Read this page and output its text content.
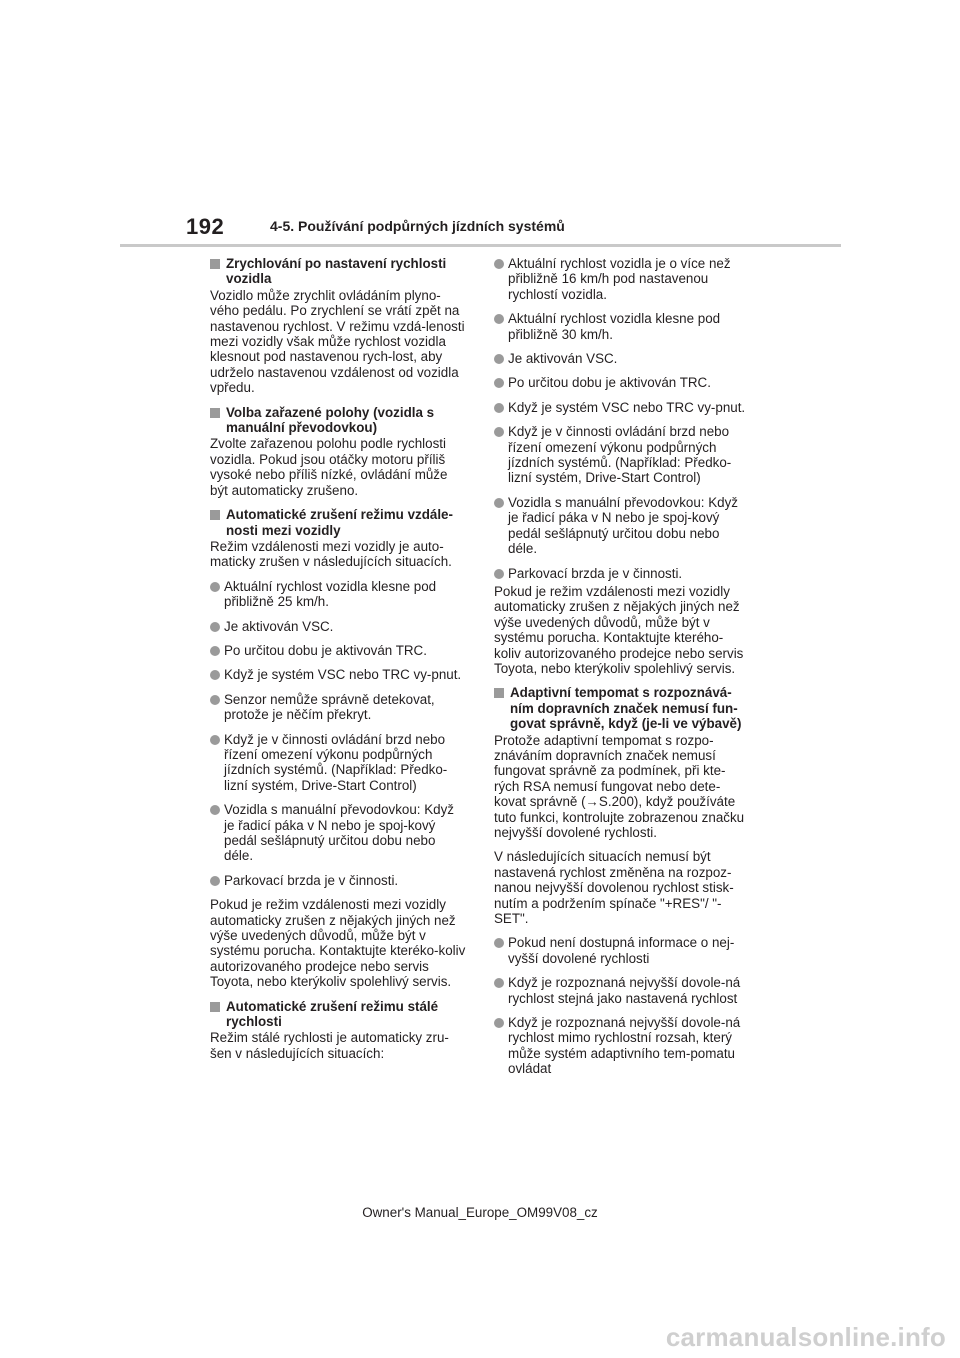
192	4-5. Používání podpůrných jízdních systémů
Zrychlování po nastavení rychlosti vozidla

Vozidlo může zrychlit ovládáním plyno-vého pedálu. Po zrychlení se vrátí zpět na nastavenou rychlost. V režimu vzdá-lenosti mezi vozidly však může rychlost vozidla klesnout pod nastavenou rych-lost, aby udrželo nastavenou vzdálenost od vozidla vpředu.

Volba zařazené polohy (vozidla s manuální převodovkou)

Zvolte zařazenou polohu podle rychlosti vozidla. Pokud jsou otáčky motoru příliš vysoké nebo příliš nízké, ovládání může být automaticky zrušeno.

Automatické zrušení režimu vzdále-nosti mezi vozidly

Režim vzdálenosti mezi vozidly je auto-maticky zrušen v následujících situacích.

Aktuální rychlost vozidla klesne pod přibližně 25 km/h.
Je aktivován VSC.
Po určitou dobu je aktivován TRC.
Když je systém VSC nebo TRC vy-pnut.
Senzor nemůže správně detekovat, protože je něčím překryt.
Když je v činnosti ovládání brzd nebo řízení omezení výkonu podpůrných jízdních systémů. (Například: Předko-lizní systém, Drive-Start Control)
Vozidla s manuální převodovkou: Když je řadicí páka v N nebo je spoj-kový pedál sešlápnutý určitou dobu nebo déle.
Parkovací brzda je v činnosti.

Pokud je režim vzdálenosti mezi vozidly automaticky zrušen z nějakých jiných než výše uvedených důvodů, může být v systému porucha. Kontaktujte kteréko-koliv autorizovaného prodejce nebo servis Toyota, nebo kterýkoliv spolehlivý servis.

Automatické zrušení režimu stálé rychlosti

Režim stálé rychlosti je automaticky zru-šen v následujících situacích:

Aktuální rychlost vozidla je o více než přibližně 16 km/h pod nastavenou rychlostí vozidla.
Aktuální rychlost vozidla klesne pod přibližně 30 km/h.
Je aktivován VSC.
Po určitou dobu je aktivován TRC.
Když je systém VSC nebo TRC vy-pnut.
Když je v činnosti ovládání brzd nebo řízení omezení výkonu podpůrných jízdních systémů. (Například: Předko-lizní systém, Drive-Start Control)
Vozidla s manuální převodovkou: Když je řadicí páka v N nebo je spoj-kový pedál sešlápnutý určitou dobu nebo déle.
Parkovací brzda je v činnosti.

Pokud je režim vzdálenosti mezi vozidly automaticky zrušen z nějakých jiných než výše uvedených důvodů, může být v systému porucha. Kontaktujte kterého-koliv autorizovaného prodejce nebo servis Toyota, nebo kterýkoliv spolehlivý servis.

Adaptivní tempomat s rozpoznává-ním dopravních značek nemusí fun-govat správně, když (je-li ve výbavě)

Protože adaptivní tempomat s rozpo-znáváním dopravních značek nemusí fungovat správně za podmínek, při kte-rých RSA nemusí fungovat nebo dete-kovat správně (→S.200), když používáte tuto funkci, kontrolujte zobrazenou značku nejvyšší dovolené rychlosti.

V následujících situacích nemusí být nastavená rychlost změněna na rozpoz-nanou nejvyšší dovolenou rychlost stisk-nutím a podržením spínače "+RES"/ "-SET".

Pokud není dostupná informace o nej-vyšší dovolené rychlosti
Když je rozpoznaná nejvyšší dovole-ná rychlost stejná jako nastavená rychlost
Když je rozpoznaná nejvyšší dovole-ná rychlost mimo rychlostní rozsah, který může systém adaptivního tem-pomatu ovládat
Owner's Manual_Europe_OM99V08_cz
carmanualsonline.info
